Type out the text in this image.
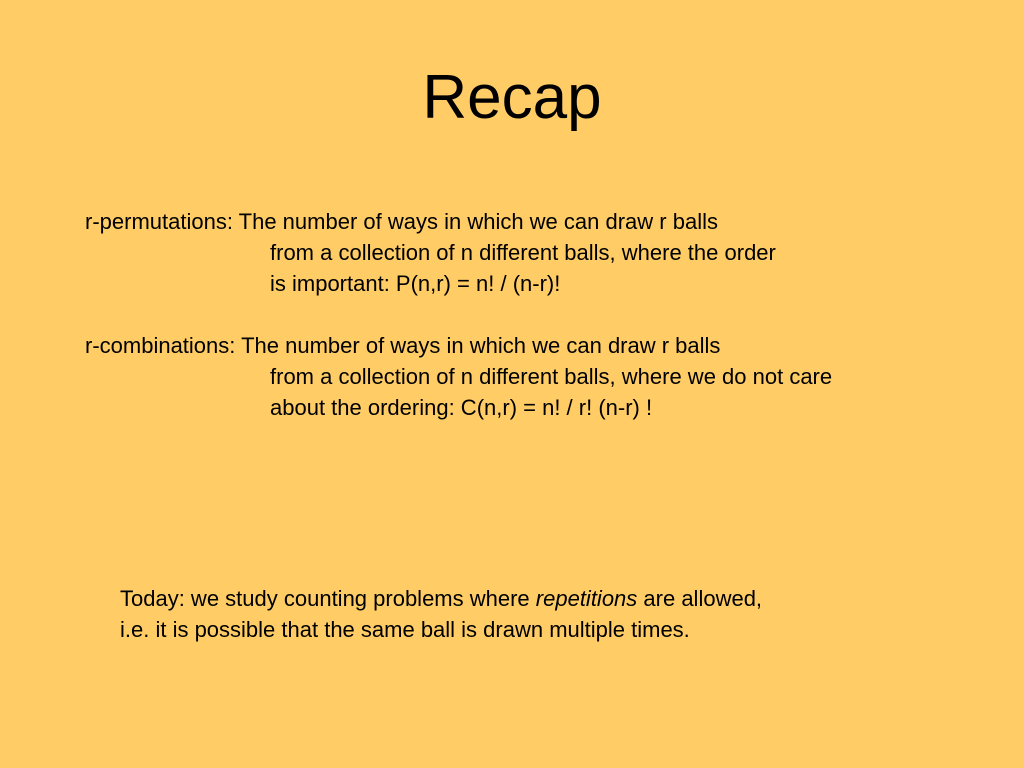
Recap
r-permutations: The number of ways in which we can draw r balls
from a collection of n different balls, where the order
is important: P(n,r) = n! / (n-r)!
r-combinations: The number of ways in which we can draw r balls
from a collection of n different balls, where we do not care
about the ordering: C(n,r) = n! / r! (n-r) !
Today: we study counting problems where repetitions are allowed,
i.e. it is possible that the same ball is drawn multiple times.
